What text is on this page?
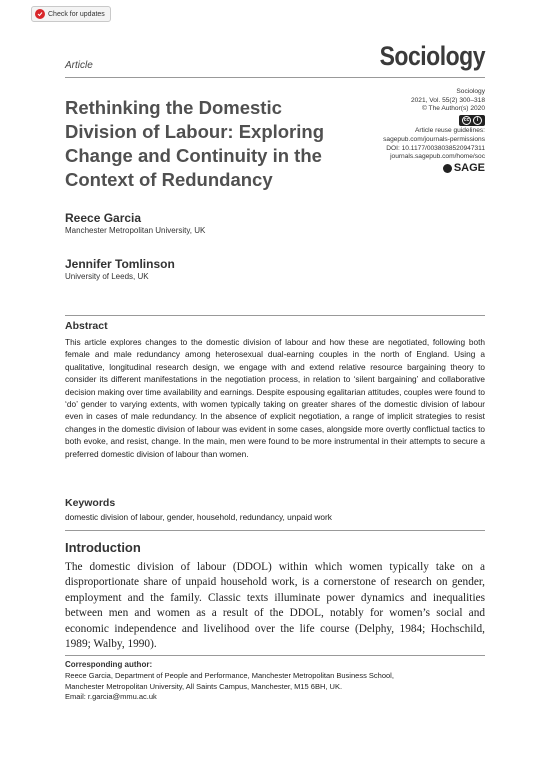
Check for updates
Article	Sociology
Rethinking the Domestic Division of Labour: Exploring Change and Continuity in the Context of Redundancy
Sociology
2021, Vol. 55(2) 300–318
© The Author(s) 2020
cc	i
Article reuse guidelines:
sagepub.com/journals-permissions
DOI: 10.1177/0038038520947311
journals.sagepub.com/home/soc
SAGE
Reece Garcia
Manchester Metropolitan University, UK
Jennifer Tomlinson
University of Leeds, UK
Abstract

This article explores changes to the domestic division of labour and how these are negotiated, following both female and male redundancy among heterosexual dual-earning couples in the north of England. Using a qualitative, longitudinal research design, we engage with and extend relative resource bargaining theory to consider its different manifestations in the negotiation process, in relation to ‘silent bargaining’ and collaborative decision making over time availability and earnings. Despite espousing egalitarian attitudes, couples were found to ‘do’ gender to varying extents, with women typically taking on greater shares of the domestic division of labour even in cases of male redundancy. In the absence of explicit negotiation, a range of implicit strategies to resist changes in the domestic division of labour was evident in some cases, alongside more overtly conflictual tactics to both evoke, and resist, change. In the main, men were found to be more instrumental in their attempts to secure a preferred domestic division of labour than women.

Keywords
domestic division of labour, gender, household, redundancy, unpaid work
Introduction

The domestic division of labour (DDOL) within which women typically take on a disproportionate share of unpaid household work, is a cornerstone of research on gender, employment and the family. Classic texts illuminate power dynamics and inequalities between men and women as a result of the DDOL, notably for women’s social and economic independence and livelihood over the life course (Delphy, 1984; Hochschild, 1989; Walby, 1990).

Corresponding author:
Reece Garcia, Department of People and Performance, Manchester Metropolitan Business School,
Manchester Metropolitan University, All Saints Campus, Manchester, M15 6BH, UK.
Email: r.garcia@mmu.ac.uk
